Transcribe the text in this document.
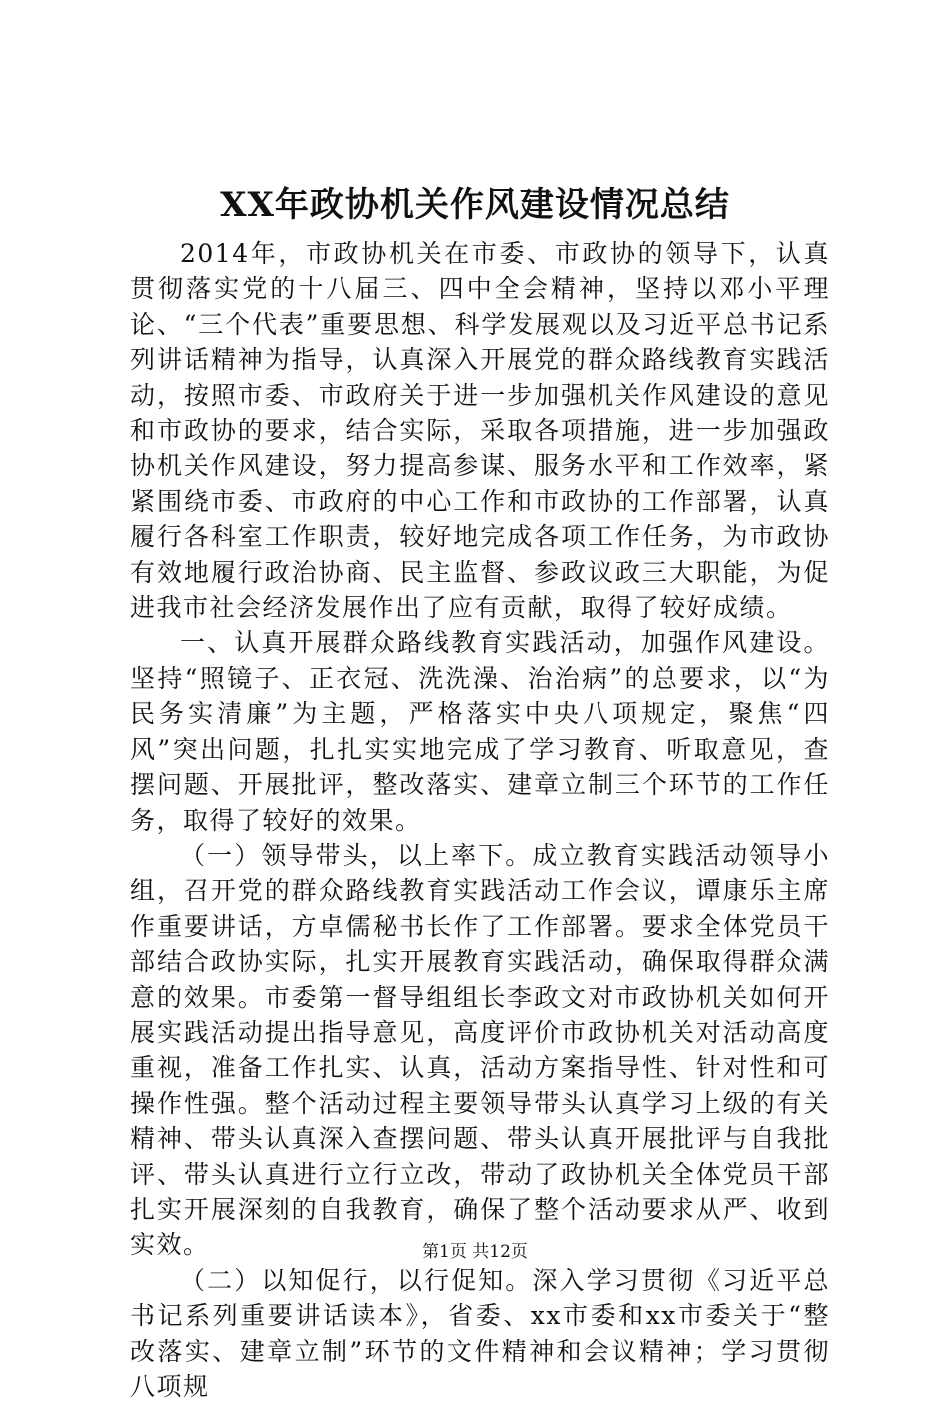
XX年政协机关作风建设情况总结

2014年，市政协机关在市委、市政协的领导下，认真贯彻落实党的十八届三、四中全会精神，坚持以邓小平理论、“三个代表”重要思想、科学发展观以及习近平总书记系列讲话精神为指导，认真深入开展党的群众路线教育实践活动，按照市委、市政府关于进一步加强机关作风建设的意见和市政协的要求，结合实际，采取各项措施，进一步加强政协机关作风建设，努力提高参谋、服务水平和工作效率，紧紧围绕市委、市政府的中心工作和市政协的工作部署，认真履行各科室工作职责，较好地完成各项工作任务，为市政协有效地履行政治协商、民主监督、参政议政三大职能，为促进我市社会经济发展作出了应有贡献，取得了较好成绩。

一、认真开展群众路线教育实践活动，加强作风建设。坚持“照镜子、正衣冠、洗洗澡、治治病”的总要求，以“为民务实清廉”为主题，严格落实中央八项规定，聚焦“四风”突出问题，扎扎实实地完成了学习教育、听取意见，查摆问题、开展批评，整改落实、建章立制三个环节的工作任务，取得了较好的效果。

（一）领导带头，以上率下。成立教育实践活动领导小组，召开党的群众路线教育实践活动工作会议，谭康乐主席作重要讲话，方卓儒秘书长作了工作部署。要求全体党员干部结合政协实际，扎实开展教育实践活动，确保取得群众满意的效果。市委第一督导组组长李政文对市政协机关如何开展实践活动提出指导意见，高度评价市政协机关对活动高度重视，准备工作扎实、认真，活动方案指导性、针对性和可操作性强。整个活动过程主要领导带头认真学习上级的有关精神、带头认真深入查摆问题、带头认真开展批评与自我批评、带头认真进行立行立改，带动了政协机关全体党员干部扎实开展深刻的自我教育，确保了整个活动要求从严、收到实效。

（二）以知促行，以行促知。深入学习贯彻《习近平总书记系列重要讲话读本》，省委、xx市委和xx市委关于“整改落实、建章立制”环节的文件精神和会议精神；学习贯彻八项规

第1页 共12页
